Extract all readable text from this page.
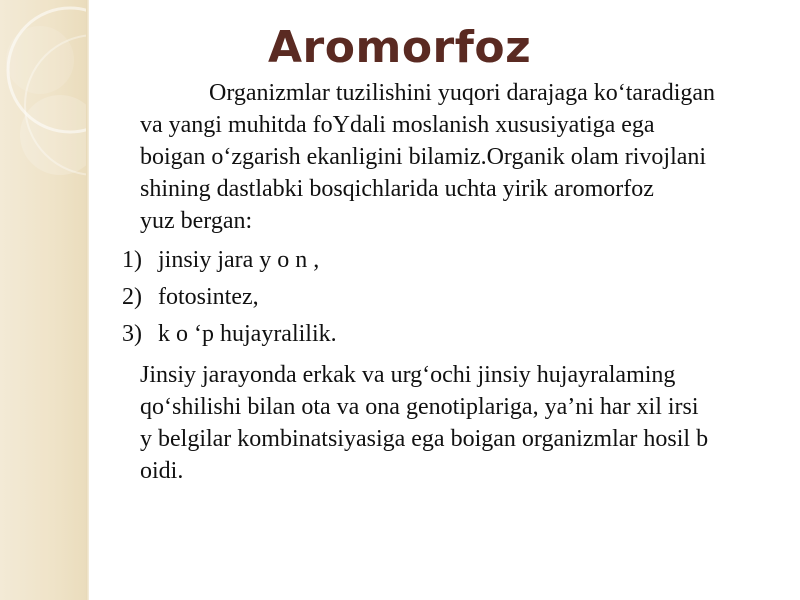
Aromorfoz

Organizmlar tuzilishini yuqori darajaga ko‘taradigan

va yangi muhitda foYdali moslanish xususiyatiga ega

boigan o‘zgarish ekanligini bilamiz.Organik olam rivojlani

shining dastlabki bosqichlarida uchta yirik aromorfoz

yuz bergan:

1) jinsiy jara y o n ,
2) fotosintez,
3) k o ‘p hujayralilik.

Jinsiy jarayonda erkak va urg‘ochi jinsiy hujayralaming

qo‘shilishi bilan ota va ona genotiplariga, ya’ni har xil irsi

y belgilar kombinatsiyasiga ega boigan organizmlar hosil b

oidi.
